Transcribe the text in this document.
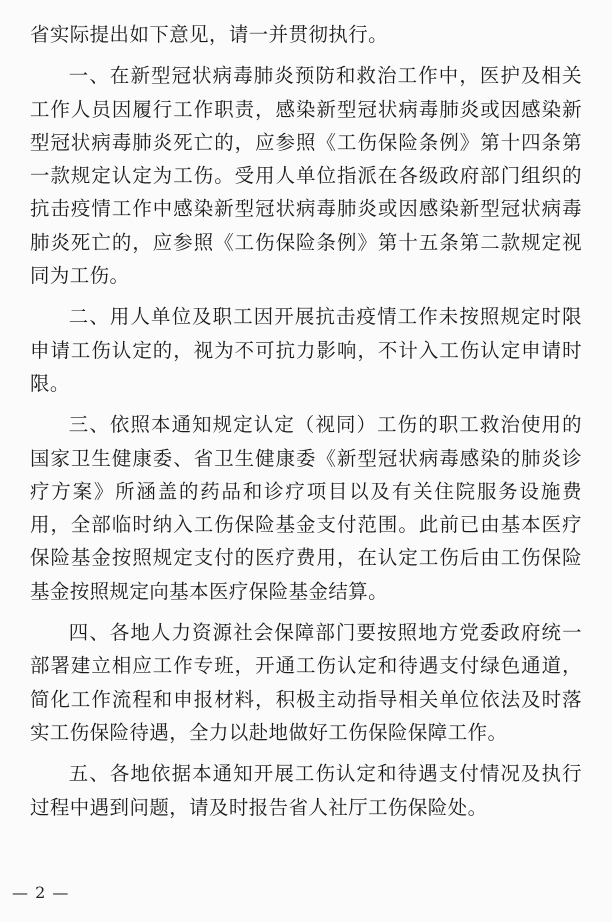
省实际提出如下意见，请一并贯彻执行。

一、在新型冠状病毒肺炎预防和救治工作中，医护及相关工作人员因履行工作职责，感染新型冠状病毒肺炎或因感染新型冠状病毒肺炎死亡的，应参照《工伤保险条例》第十四条第一款规定认定为工伤。受用人单位指派在各级政府部门组织的抗击疫情工作中感染新型冠状病毒肺炎或因感染新型冠状病毒肺炎死亡的，应参照《工伤保险条例》第十五条第二款规定视同为工伤。

二、用人单位及职工因开展抗击疫情工作未按照规定时限申请工伤认定的，视为不可抗力影响，不计入工伤认定申请时限。

三、依照本通知规定认定（视同）工伤的职工救治使用的国家卫生健康委、省卫生健康委《新型冠状病毒感染的肺炎诊疗方案》所涵盖的药品和诊疗项目以及有关住院服务设施费用，全部临时纳入工伤保险基金支付范围。此前已由基本医疗保险基金按照规定支付的医疗费用，在认定工伤后由工伤保险基金按照规定向基本医疗保险基金结算。

四、各地人力资源社会保障部门要按照地方党委政府统一部署建立相应工作专班，开通工伤认定和待遇支付绿色通道，简化工作流程和申报材料，积极主动指导相关单位依法及时落实工伤保险待遇，全力以赴地做好工伤保险保障工作。

五、各地依据本通知开展工伤认定和待遇支付情况及执行过程中遇到问题，请及时报告省人社厅工伤保险处。

— 2 —
